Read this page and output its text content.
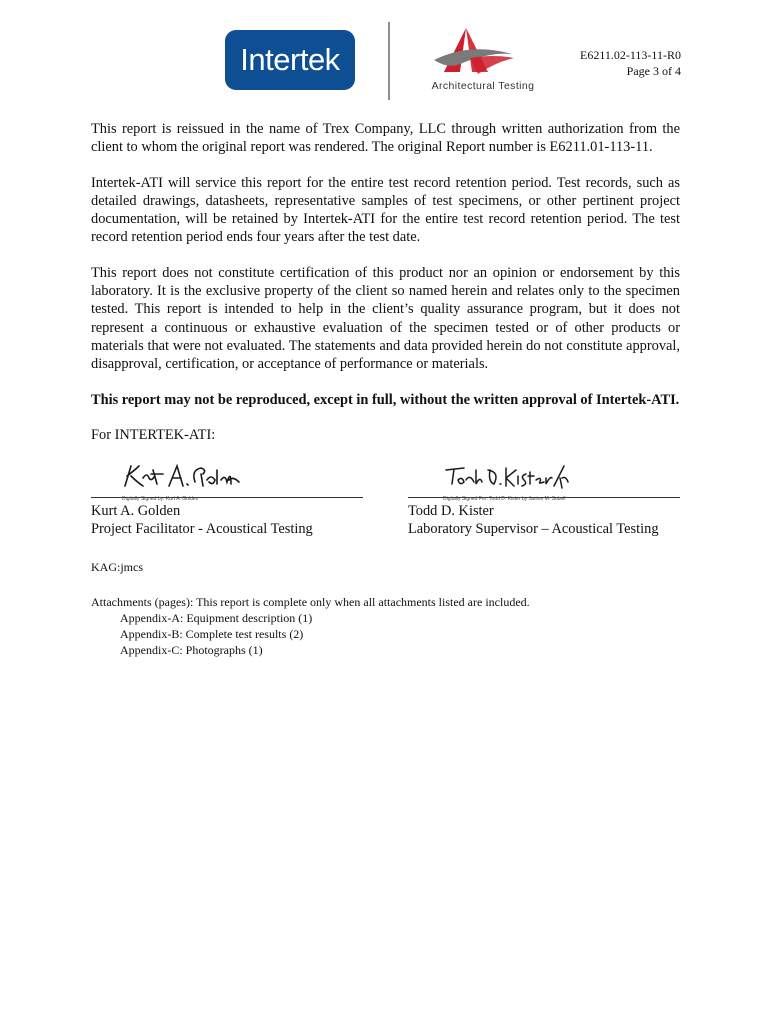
Intertek
Architectural Testing
E6211.02-113-11-R0
Page 3 of 4

This report is reissued in the name of Trex Company, LLC through written authorization from the client to whom the original report was rendered. The original Report number is E6211.01-113-11.

Intertek-ATI will service this report for the entire test record retention period. Test records, such as detailed drawings, datasheets, representative samples of test specimens, or other pertinent project documentation, will be retained by Intertek-ATI for the entire test record retention period. The test record retention period ends four years after the test date.

This report does not constitute certification of this product nor an opinion or endorsement by this laboratory. It is the exclusive property of the client so named herein and relates only to the specimen tested. This report is intended to help in the client’s quality assurance program, but it does not represent a continuous or exhaustive evaluation of the specimen tested or of other products or materials that were not evaluated. The statements and data provided herein do not constitute approval, disapproval, certification, or acceptance of performance or materials.

This report may not be reproduced, except in full, without the written approval of Intertek-ATI.

For INTERTEK-ATI:

Digitally Signed by: Kurt A. Golden
Kurt A. Golden
Project Facilitator - Acoustical Testing
Digitally Signed For: Todd D. Kister by Janine M. Sobell
Todd D. Kister
Laboratory Supervisor – Acoustical Testing
KAG:jmcs
Attachments (pages): This report is complete only when all attachments listed are included.
Appendix-A: Equipment description (1)
Appendix-B: Complete test results (2)
Appendix-C: Photographs (1)
